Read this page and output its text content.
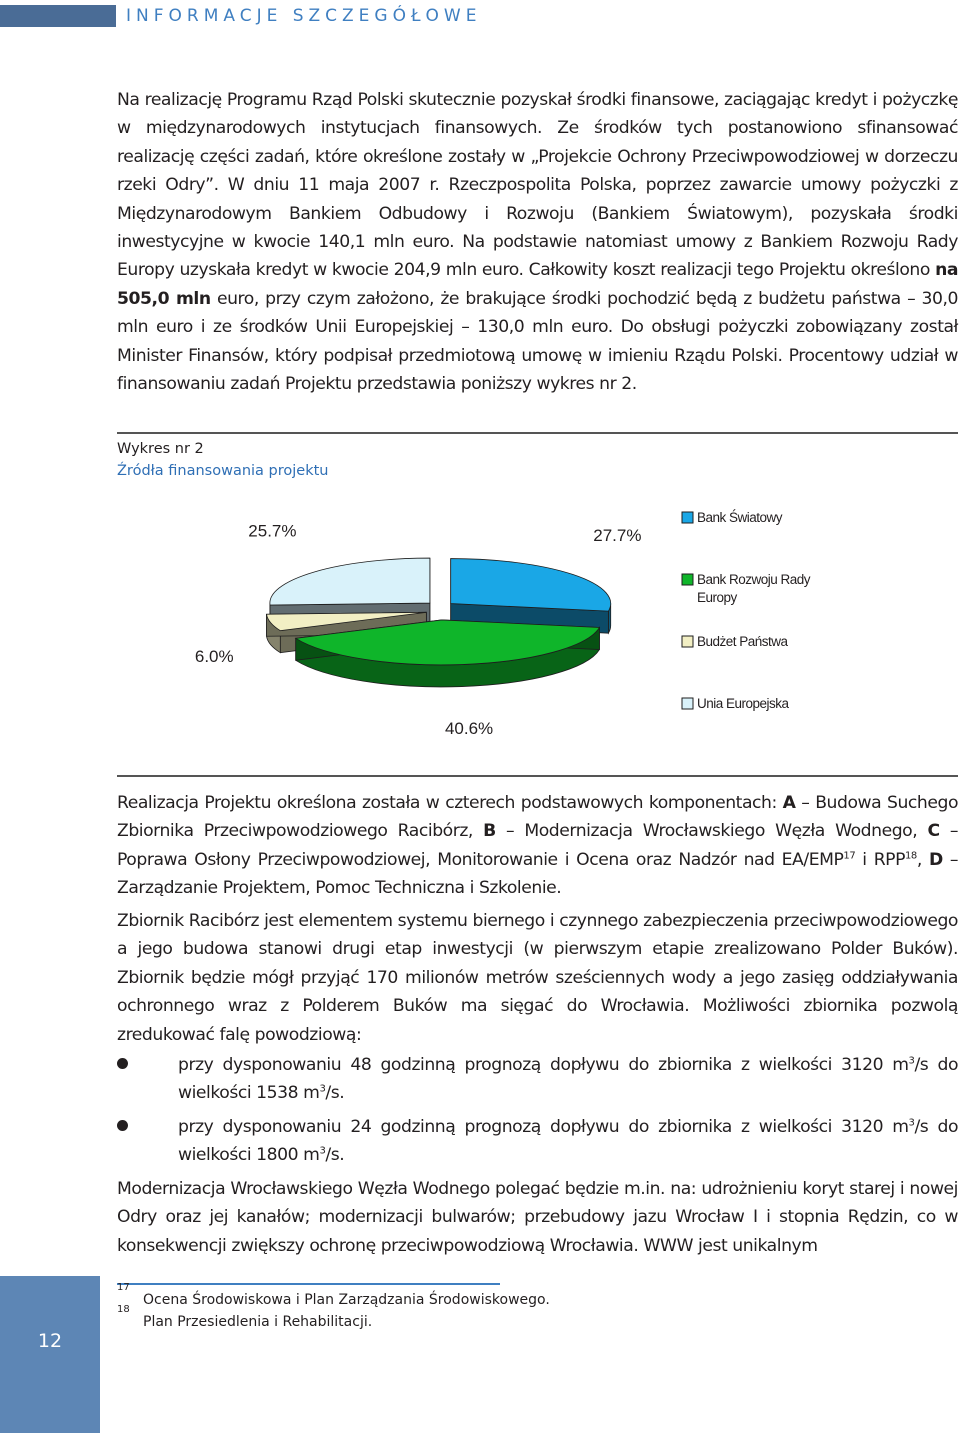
INFORMACJE SZCZEGÓŁOWE

Na realizację Programu Rząd Polski skutecznie pozyskał środki finansowe, zaciągając kredyt i pożyczkę w międzynarodowych instytucjach finansowych. Ze środków tych postanowiono sfinansować realizację części zadań, które określone zostały w „Projekcie Ochrony Przeciwpowodziowej w dorzeczu rzeki Odry”. W dniu 11 maja 2007 r. Rzeczpospolita Polska, poprzez zawarcie umowy pożyczki z Międzynarodowym Bankiem Odbudowy i Rozwoju (Bankiem Światowym), pozyskała środki inwestycyjne w kwocie 140,1 mln euro. Na podstawie natomiast umowy z Bankiem Rozwoju Rady Europy uzyskała kredyt w kwocie 204,9 mln euro. Całkowity koszt realizacji tego Projektu określono na 505,0 mln euro, przy czym założono, że brakujące środki pochodzić będą z budżetu państwa – 30,0 mln euro i ze środków Unii Europejskiej – 130,0 mln euro. Do obsługi pożyczki zobowiązany został Minister Finansów, który podpisał przedmiotową umowę w imieniu Rządu Polski. Procentowy udział w finansowaniu zadań Projektu przedstawia poniższy wykres nr 2.

Wykres nr 2
Źródła finansowania projektu
25.7%	27.7%
6.0%
40.6%
Bank Światowy
Bank Rozwoju Rady
Europy
Budżet Państwa
Unia Europejska

Realizacja Projektu określona została w czterech podstawowych komponentach: A – Budowa Suchego Zbiornika Przeciwpowodziowego Racibórz, B – Modernizacja Wrocławskiego Węzła Wodnego, C – Poprawa Osłony Przeciwpowodziowej, Monitorowanie i Ocena oraz Nadzór nad EA/EMP$^{17}$ i RPP$^{18}$, D – Zarządzanie Projektem, Pomoc Techniczna i Szkolenie.

Zbiornik Racibórz jest elementem systemu biernego i czynnego zabezpieczenia przeciwpowodziowego a jego budowa stanowi drugi etap inwestycji (w pierwszym etapie zrealizowano Polder Buków). Zbiornik będzie mógł przyjąć 170 milionów metrów sześciennych wody a jego zasięg oddziaływania ochronnego wraz z Polderem Buków ma sięgać do Wrocławia. Możliwości zbiornika pozwolą zredukować falę powodziową:

przy dysponowaniu 48 godzinną prognozą dopływu do zbiornika z wielkości 3120 $m^3/s$ do wielkości 1538 $m^3/s$.
przy dysponowaniu 24 godzinną prognozą dopływu do zbiornika z wielkości 3120 $m^3/s$ do wielkości 1800 $m^3/s$.

Modernizacja Wrocławskiego Węzła Wodnego polegać będzie m.in. na: udrożnieniu koryt starej i nowej Odry oraz jej kanałów; modernizacji bulwarów; przebudowy jazu Wrocław I i stopnia Rędzin, co w konsekwencji zwiększy ochronę przeciwpowodziową Wrocławia. WWW jest unikalnym

12
17
Ocena Środowiskowa i Plan Zarządzania Środowiskowego.
18
Plan Przesiedlenia i Rehabilitacji.
